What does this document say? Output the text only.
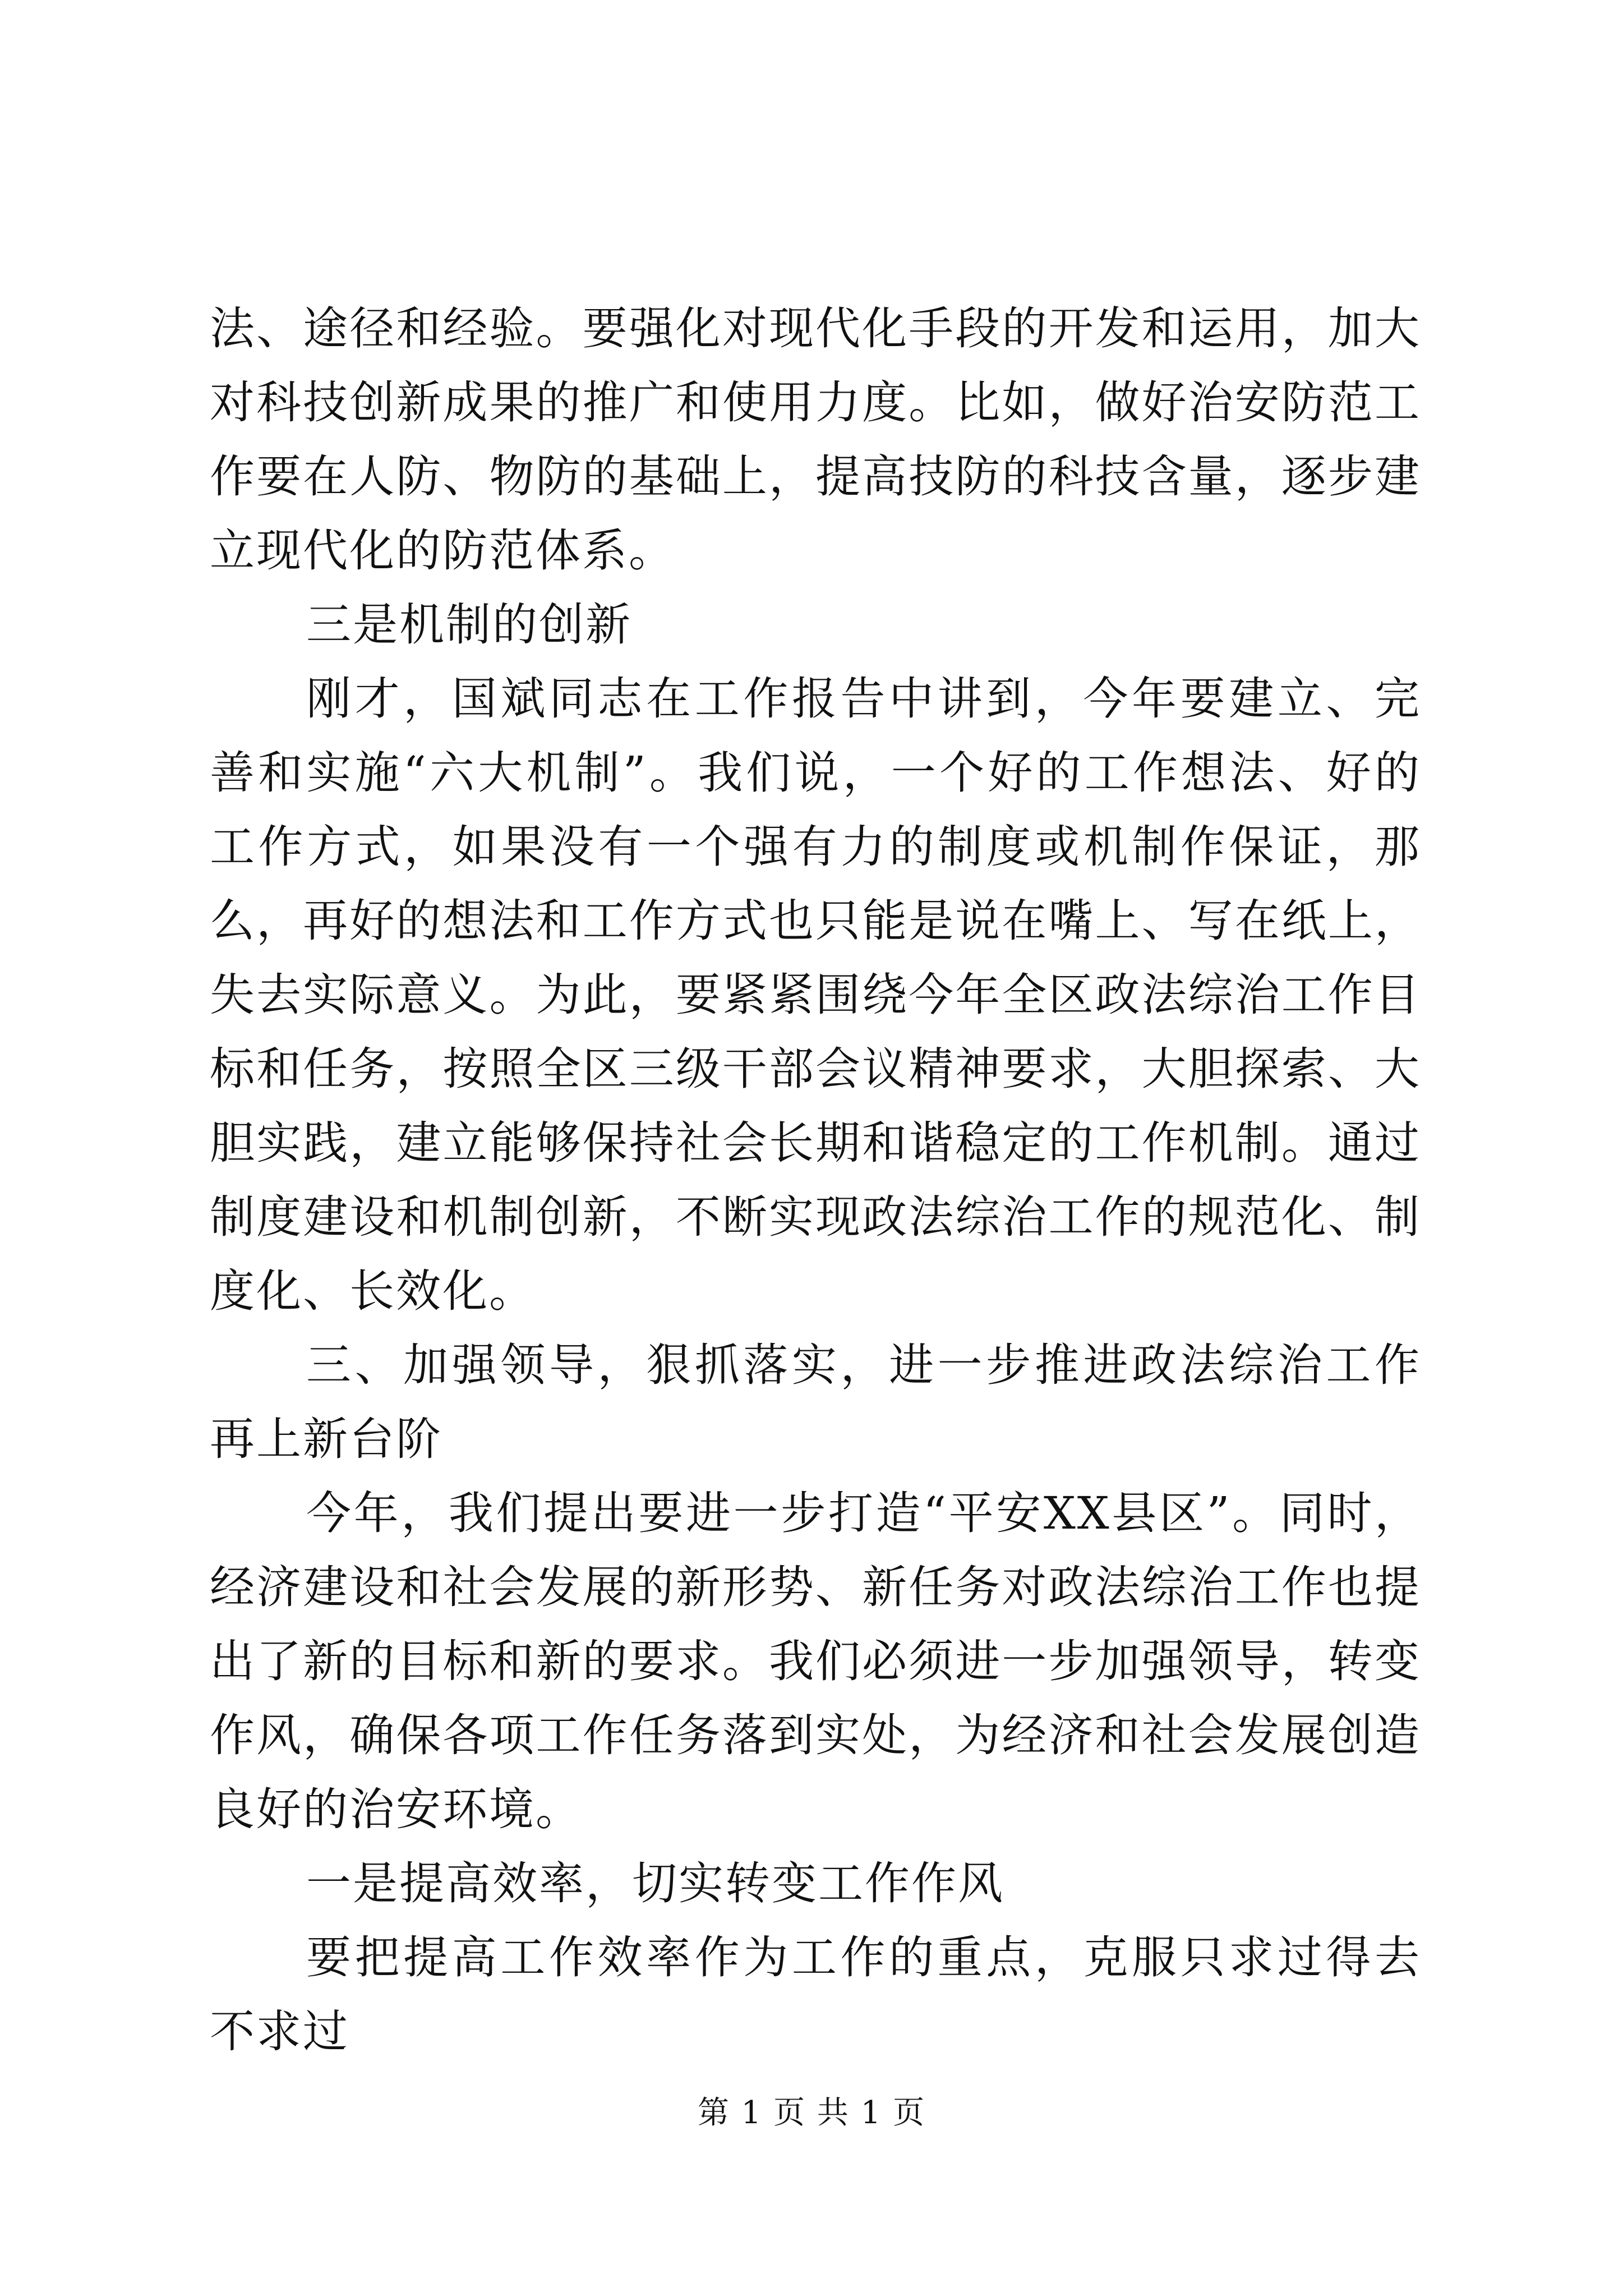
法、途径和经验。要强化对现代化手段的开发和运用，加大对科技创新成果的推广和使用力度。比如，做好治安防范工作要在人防、物防的基础上，提高技防的科技含量，逐步建立现代化的防范体系。

三是机制的创新

刚才，国斌同志在工作报告中讲到，今年要建立、完善和实施“六大机制”。我们说，一个好的工作想法、好的工作方式，如果没有一个强有力的制度或机制作保证，那么，再好的想法和工作方式也只能是说在嘴上、写在纸上，失去实际意义。为此，要紧紧围绕今年全区政法综治工作目标和任务，按照全区三级干部会议精神要求，大胆探索、大胆实践，建立能够保持社会长期和谐稳定的工作机制。通过制度建设和机制创新，不断实现政法综治工作的规范化、制度化、长效化。

三、加强领导，狠抓落实，进一步推进政法综治工作再上新台阶

今年，我们提出要进一步打造“平安XX县区”。同时，经济建设和社会发展的新形势、新任务对政法综治工作也提出了新的目标和新的要求。我们必须进一步加强领导，转变作风，确保各项工作任务落到实处，为经济和社会发展创造良好的治安环境。

一是提高效率，切实转变工作作风

要把提高工作效率作为工作的重点，克服只求过得去不求过

第 1 页 共 1 页
